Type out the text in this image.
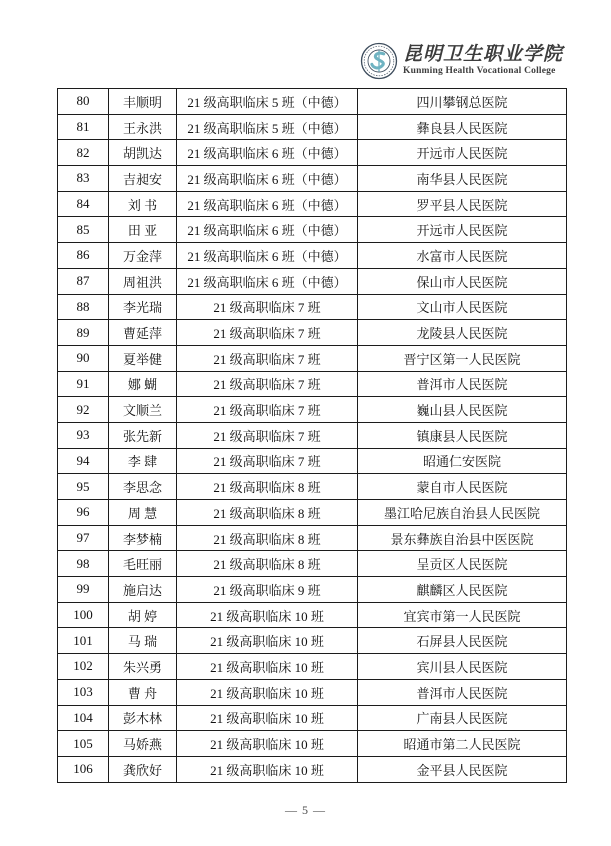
昆明卫生职业学院
Kunming Health Vocational College
80	丰顺明	21 级高职临床 5 班（中德）	四川攀钢总医院
81	王永洪	21 级高职临床 5 班（中德）	彝良县人民医院
82	胡凯达	21 级高职临床 6 班（中德）	开远市人民医院
83	吉昶安	21 级高职临床 6 班（中德）	南华县人民医院
84	刘 书	21 级高职临床 6 班（中德）	罗平县人民医院
85	田 亚	21 级高职临床 6 班（中德）	开远市人民医院
86	万金萍	21 级高职临床 6 班（中德）	水富市人民医院
87	周祖洪	21 级高职临床 6 班（中德）	保山市人民医院
88	李光瑞	21 级高职临床 7 班	文山市人民医院
89	曹延萍	21 级高职临床 7 班	龙陵县人民医院
90	夏举健	21 级高职临床 7 班	晋宁区第一人民医院
91	娜 蝴	21 级高职临床 7 班	普洱市人民医院
92	文顺兰	21 级高职临床 7 班	巍山县人民医院
93	张先新	21 级高职临床 7 班	镇康县人民医院
94	李 肆	21 级高职临床 7 班	昭通仁安医院
95	李思念	21 级高职临床 8 班	蒙自市人民医院
96	周 慧	21 级高职临床 8 班	墨江哈尼族自治县人民医院
97	李梦楠	21 级高职临床 8 班	景东彝族自治县中医医院
98	毛旺丽	21 级高职临床 8 班	呈贡区人民医院
99	施启达	21 级高职临床 9 班	麒麟区人民医院
100	胡 婷	21 级高职临床 10 班	宜宾市第一人民医院
101	马 瑞	21 级高职临床 10 班	石屏县人民医院
102	朱兴勇	21 级高职临床 10 班	宾川县人民医院
103	曹 舟	21 级高职临床 10 班	普洱市人民医院
104	彭木林	21 级高职临床 10 班	广南县人民医院
105	马娇燕	21 级高职临床 10 班	昭通市第二人民医院
106	龚欣好	21 级高职临床 10 班	金平县人民医院
— 5 —
